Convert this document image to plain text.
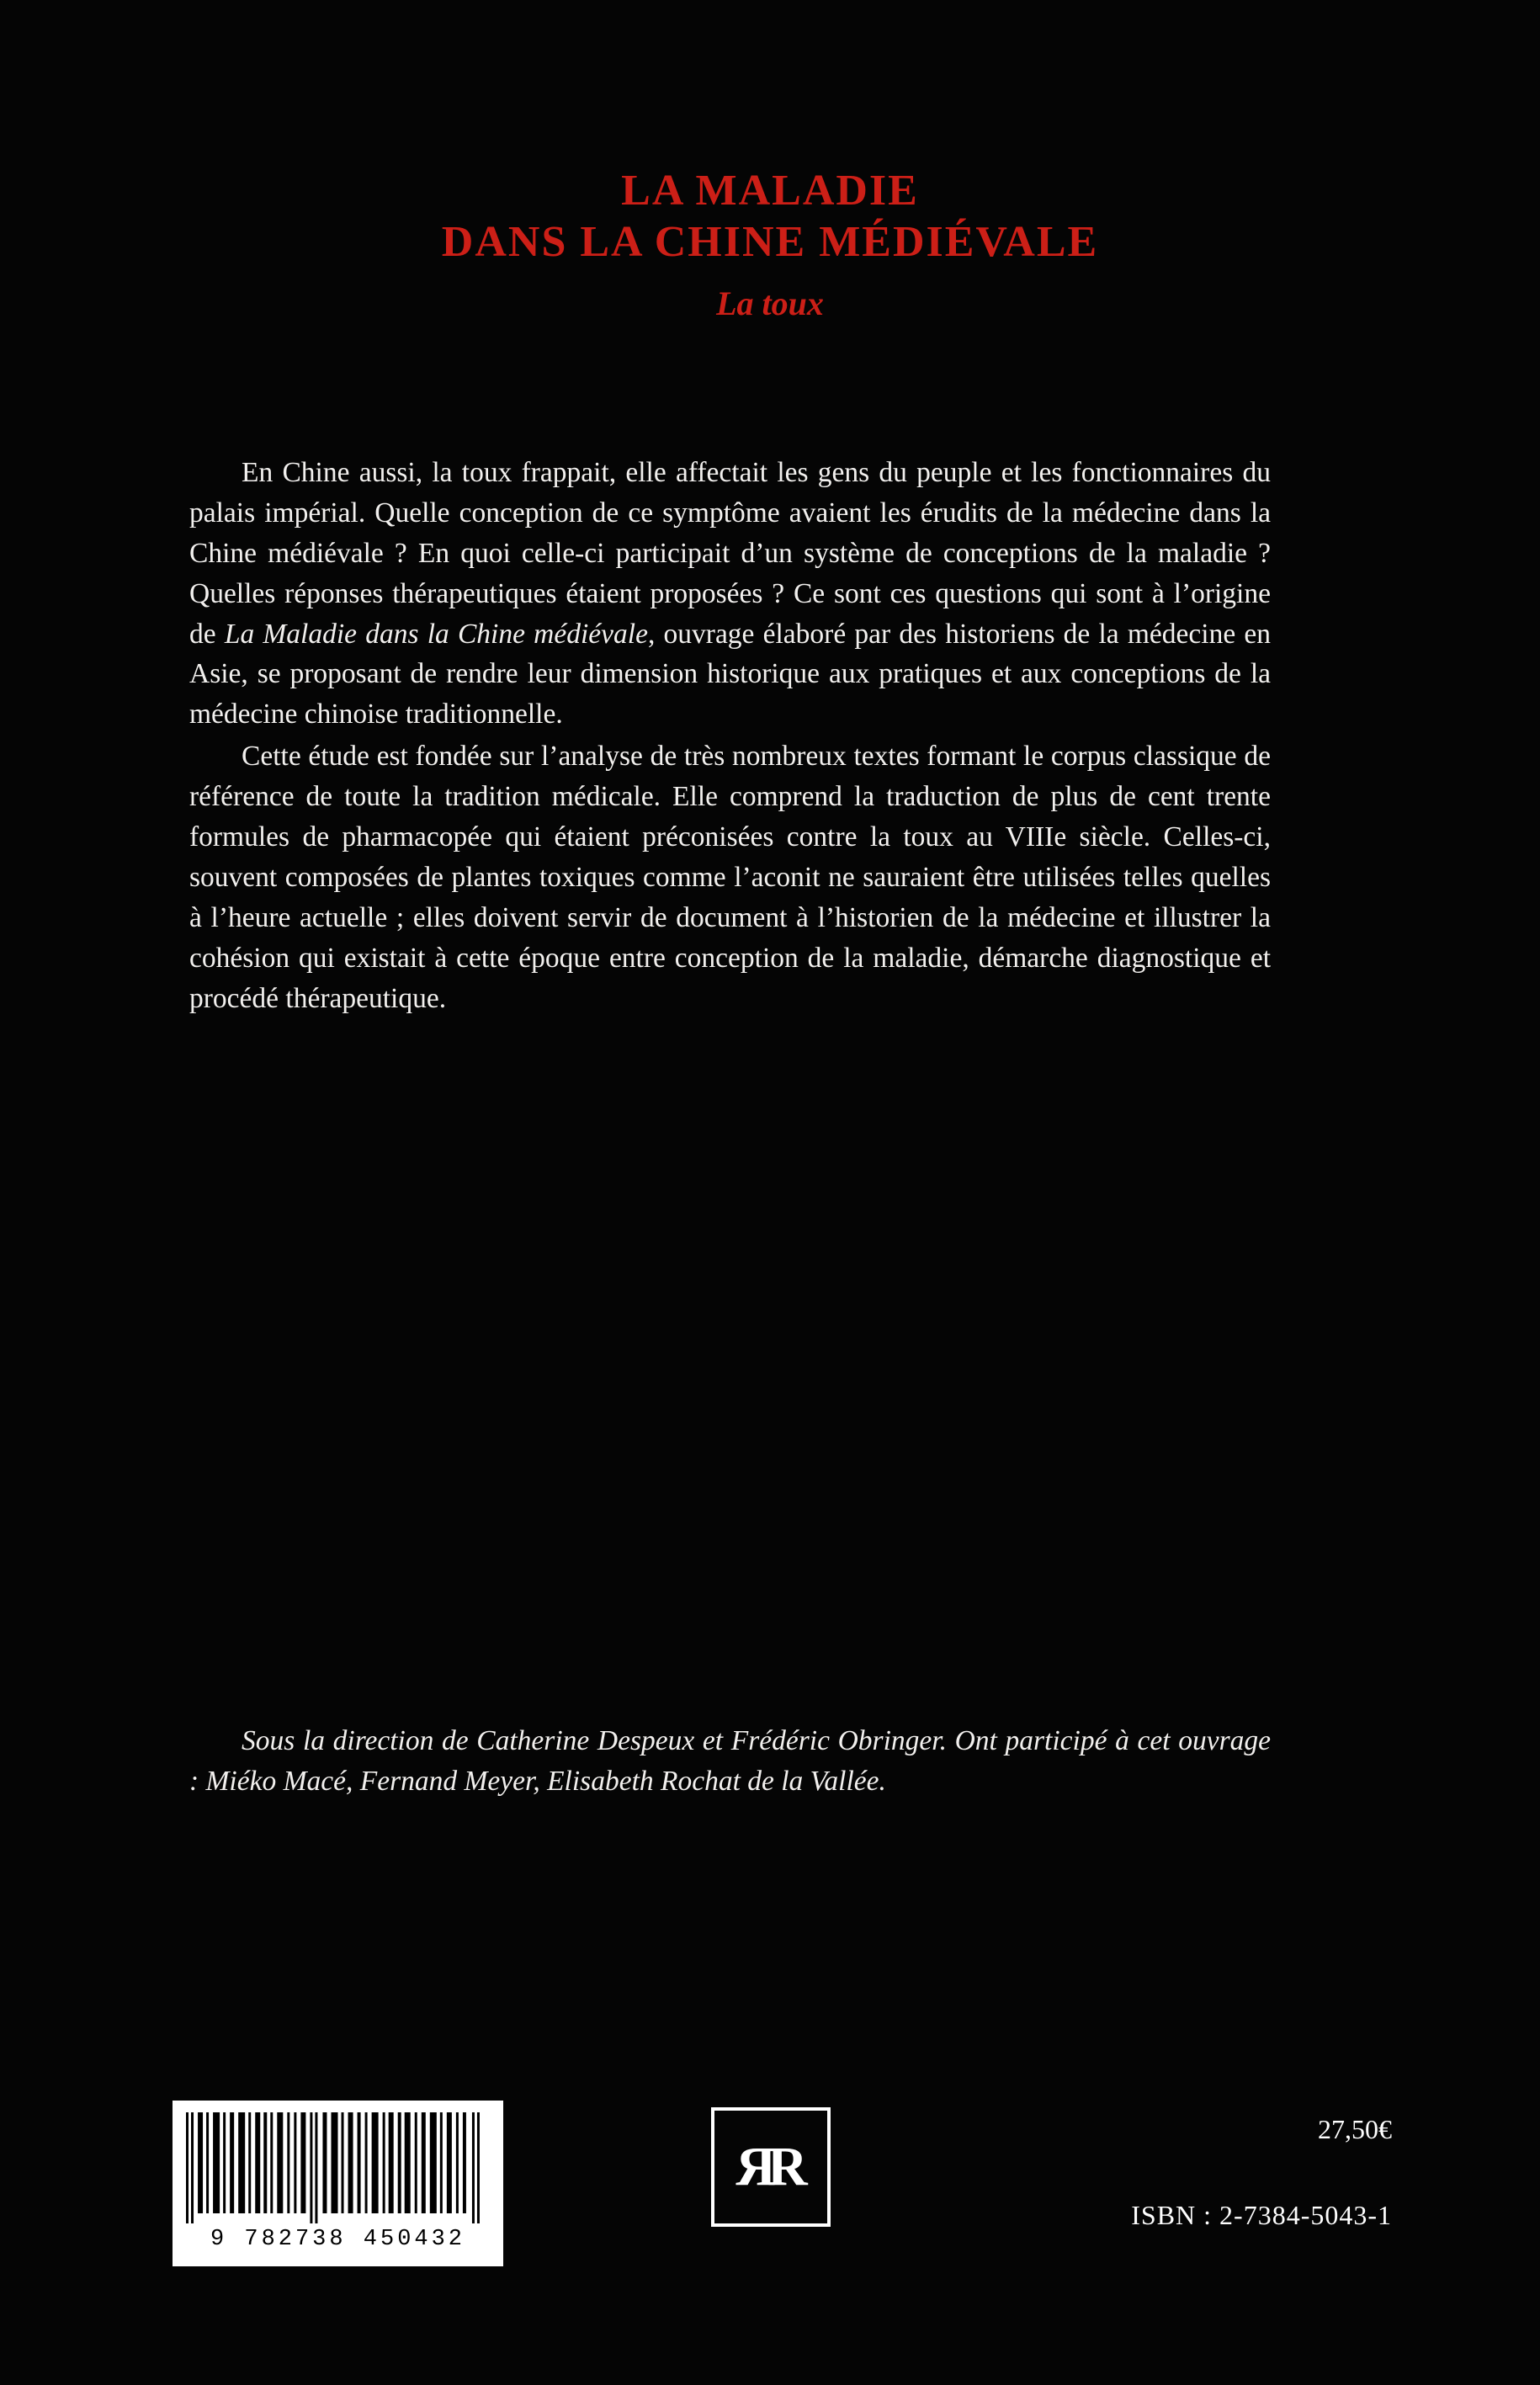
LA MALADIE
DANS LA CHINE MÉDIÉVALE
La toux

En Chine aussi, la toux frappait, elle affectait les gens du peuple et les fonctionnaires du palais impérial. Quelle conception de ce symptôme avaient les érudits de la médecine dans la Chine médiévale ? En quoi celle-ci participait d’un système de conceptions de la maladie ? Quelles réponses thérapeutiques étaient proposées ? Ce sont ces questions qui sont à l’origine de La Maladie dans la Chine médiévale, ouvrage élaboré par des historiens de la médecine en Asie, se proposant de rendre leur dimension historique aux pratiques et aux conceptions de la médecine chinoise traditionnelle.

Cette étude est fondée sur l’analyse de très nombreux textes formant le corpus classique de référence de toute la tradition médicale. Elle comprend la traduction de plus de cent trente formules de pharmacopée qui étaient préconisées contre la toux au VIIIe siècle. Celles-ci, souvent composées de plantes toxiques comme l’aconit ne sauraient être utilisées telles quelles à l’heure actuelle ; elles doivent servir de document à l’historien de la médecine et illustrer la cohésion qui existait à cette époque entre conception de la maladie, démarche diagnostique et procédé thérapeutique.

Sous la direction de Catherine Despeux et Frédéric Obringer. Ont participé à cet ouvrage : Miéko Macé, Fernand Meyer, Elisabeth Rochat de la Vallée.

9 782738 450432
ЯR
27,50€
ISBN : 2-7384-5043-1
